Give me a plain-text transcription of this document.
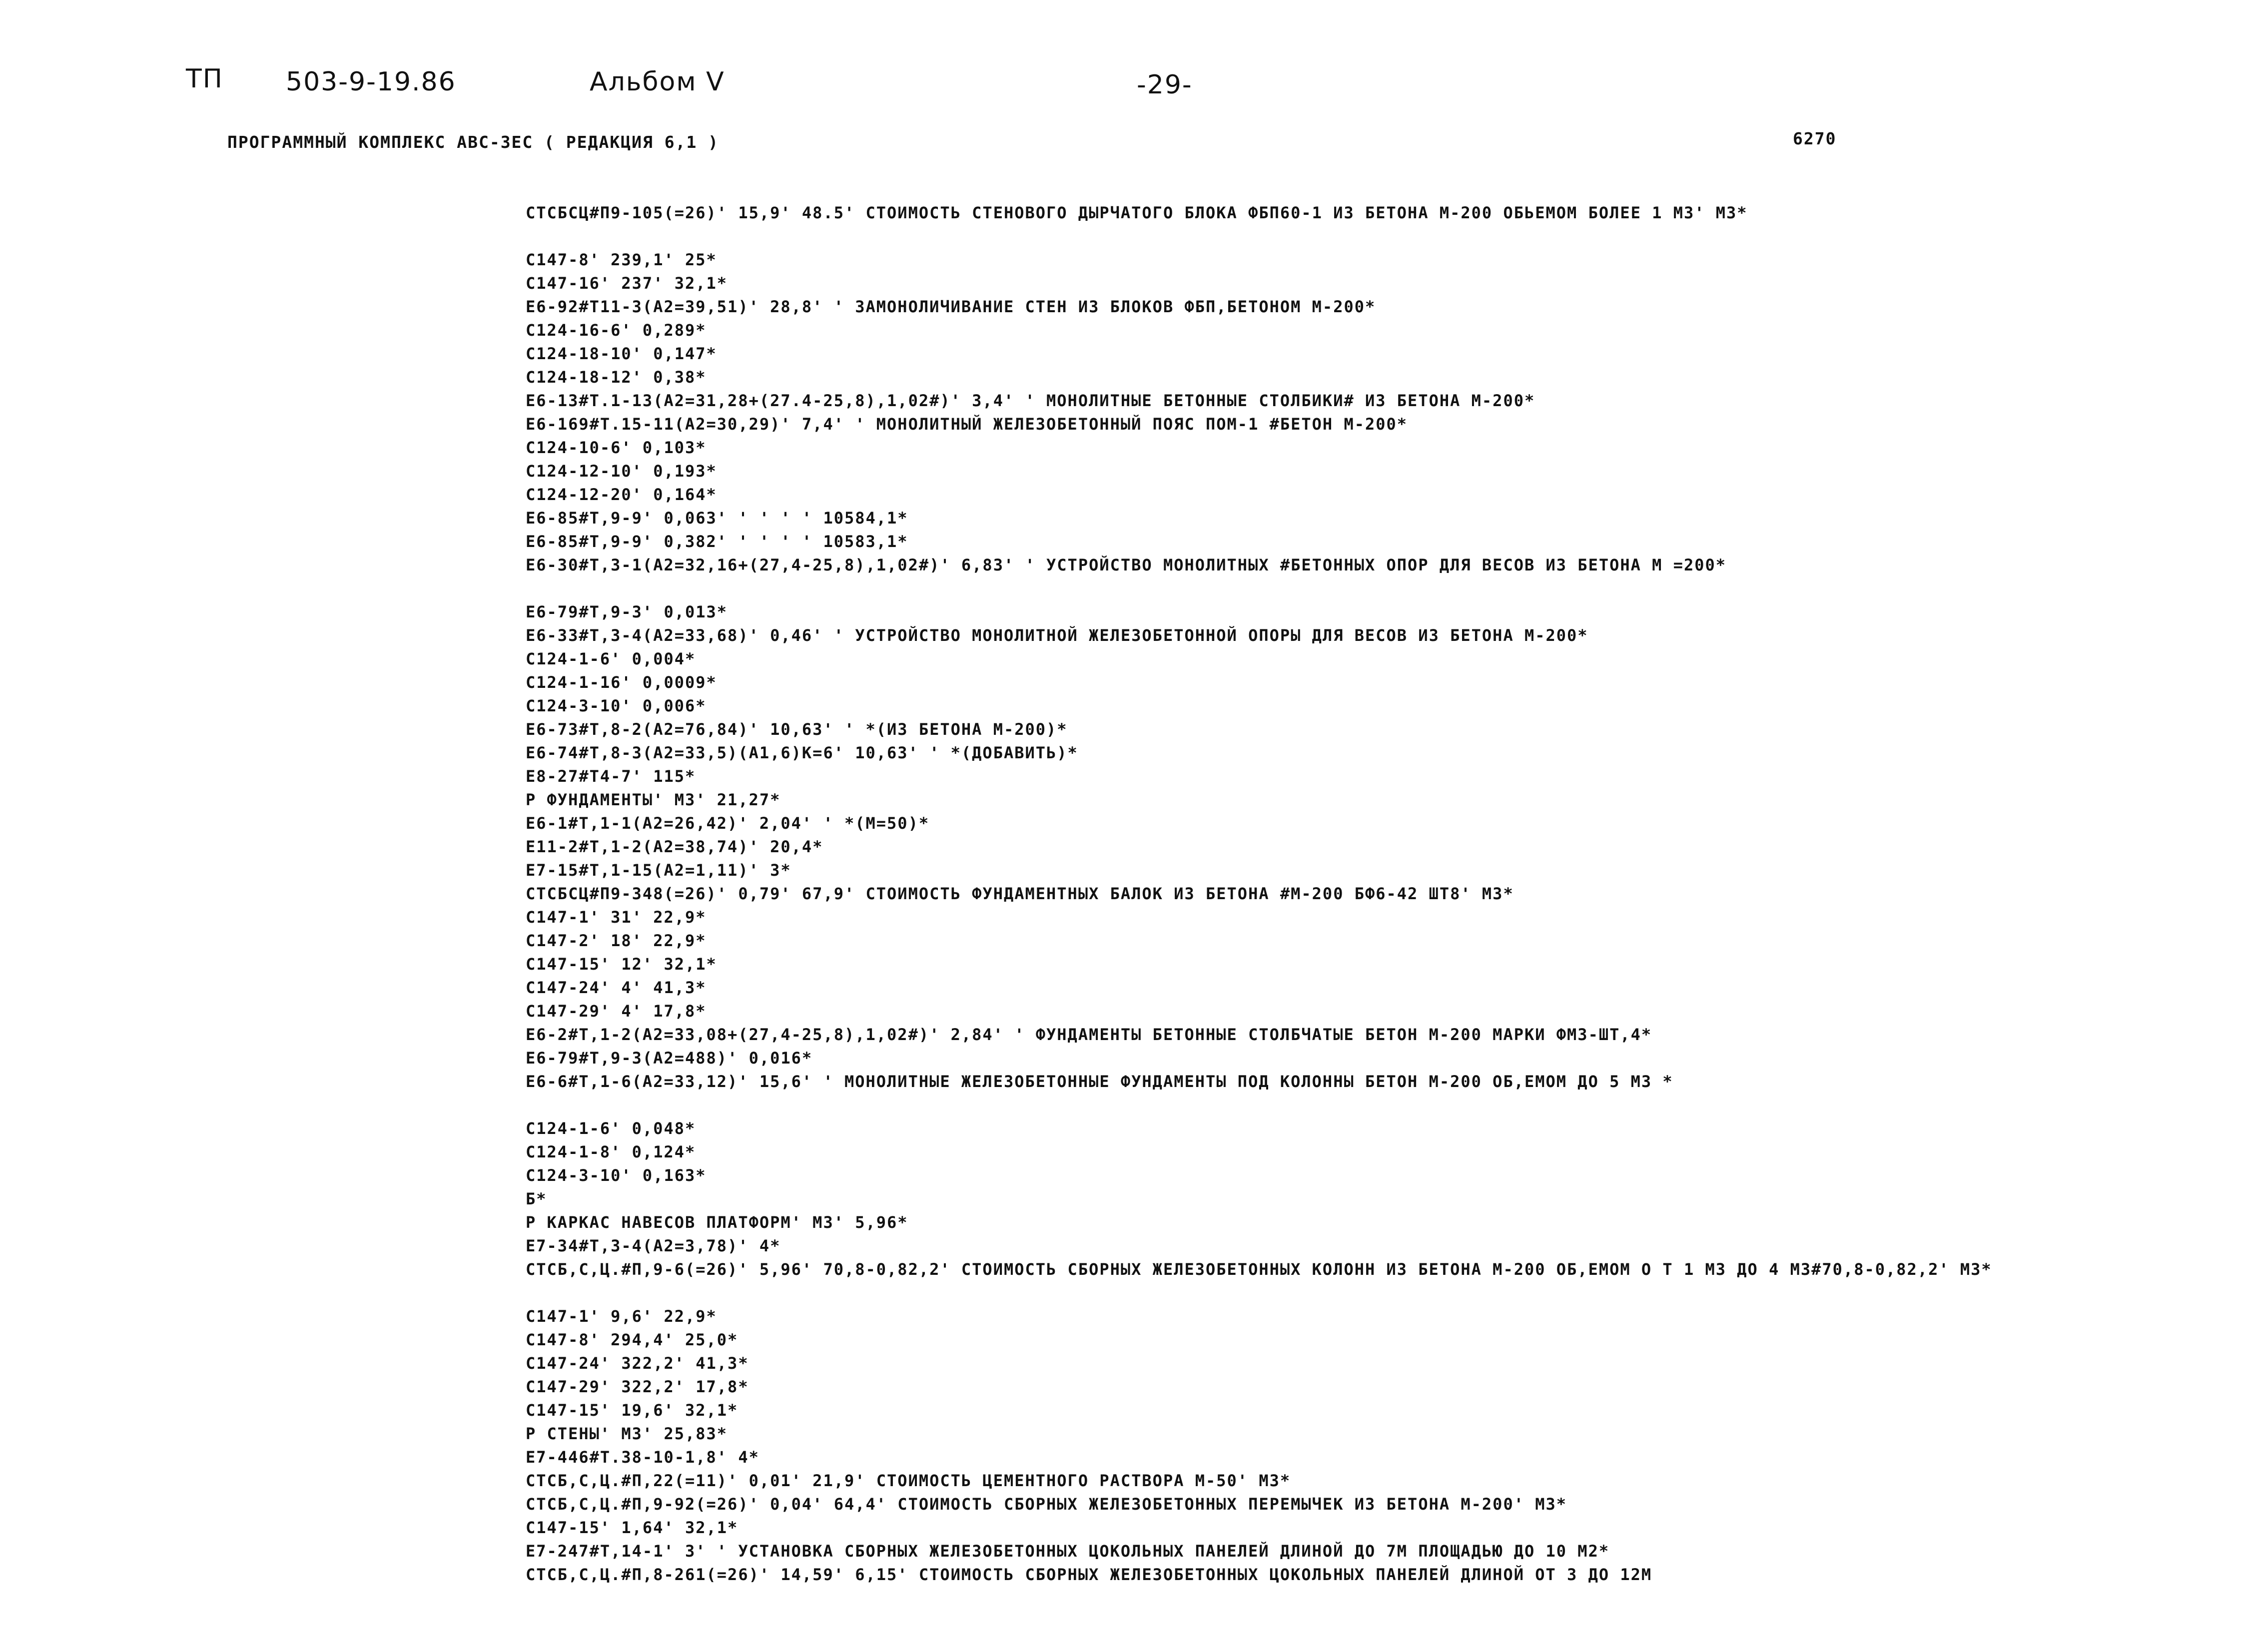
ТП 503-9-19.86	Альбом V	-29-
ПРОГРАММНЫЙ КОМПЛЕКС АВС-ЗЕС ( РЕДАКЦИЯ 6,1 )	6270
СТСБСЦ#П9-105(=26)' 15,9' 48.5' СТОИМОСТЬ СТЕНОВОГО ДЫРЧАТОГО БЛОКА ФБП60-1 ИЗ БЕТОНА М-200 ОБЬЕМОМ БОЛЕЕ 1 М3' М3*
С147-8' 239,1' 25*
С147-16' 237' 32,1*
Е6-92#Т11-3(А2=39,51)' 28,8' ' ЗАМОНОЛИЧИВАНИЕ СТЕН ИЗ БЛОКОВ ФБП,БЕТОНОМ М-200*
С124-16-6' 0,289*
С124-18-10' 0,147*
С124-18-12' 0,38*
Е6-13#Т.1-13(А2=31,28+(27.4-25,8),1,02#)' 3,4' ' МОНОЛИТНЫЕ БЕТОННЫЕ СТОЛБИКИ# ИЗ БЕТОНА М-200*
Е6-169#Т.15-11(А2=30,29)' 7,4' ' МОНОЛИТНЫЙ ЖЕЛЕЗОБЕТОННЫЙ ПОЯС ПОМ-1 #БЕТОН М-200*
С124-10-6' 0,103*
С124-12-10' 0,193*
С124-12-20' 0,164*
Е6-85#Т,9-9' 0,063' ' ' ' ' 10584,1*
Е6-85#Т,9-9' 0,382' ' ' ' ' 10583,1*
Е6-30#Т,3-1(А2=32,16+(27,4-25,8),1,02#)' 6,83' ' УСТРОЙСТВО МОНОЛИТНЫХ #БЕТОННЫХ ОПОР ДЛЯ ВЕСОВ ИЗ БЕТОНА М =200*
Е6-79#Т,9-3' 0,013*
Е6-33#Т,3-4(А2=33,68)' 0,46' ' УСТРОЙСТВО МОНОЛИТНОЙ ЖЕЛЕЗОБЕТОННОЙ ОПОРЫ ДЛЯ ВЕСОВ ИЗ БЕТОНА М-200*
С124-1-6' 0,004*
С124-1-16' 0,0009*
С124-3-10' 0,006*
Е6-73#Т,8-2(А2=76,84)' 10,63' ' *(ИЗ БЕТОНА М-200)*
Е6-74#Т,8-3(А2=33,5)(А1,6)К=6' 10,63' ' *(ДОБАВИТЬ)*
Е8-27#Т4-7' 115*
Р ФУНДАМЕНТЫ' М3' 21,27*
Е6-1#Т,1-1(А2=26,42)' 2,04' ' *(М=50)*
Е11-2#Т,1-2(А2=38,74)' 20,4*
Е7-15#Т,1-15(А2=1,11)' 3*
СТСБСЦ#П9-348(=26)' 0,79' 67,9' СТОИМОСТЬ ФУНДАМЕНТНЫХ БАЛОК ИЗ БЕТОНА #М-200 БФ6-42 ШТ8' М3*
С147-1' 31' 22,9*
С147-2' 18' 22,9*
С147-15' 12' 32,1*
С147-24' 4' 41,3*
С147-29' 4' 17,8*
Е6-2#Т,1-2(А2=33,08+(27,4-25,8),1,02#)' 2,84' ' ФУНДАМЕНТЫ БЕТОННЫЕ СТОЛБЧАТЫЕ БЕТОН М-200 МАРКИ ФМ3-ШТ,4*
Е6-79#Т,9-3(А2=488)' 0,016*
Е6-6#Т,1-6(А2=33,12)' 15,6' ' МОНОЛИТНЫЕ ЖЕЛЕЗОБЕТОННЫЕ ФУНДАМЕНТЫ ПОД КОЛОННЫ БЕТОН М-200 ОБ,ЕМОМ ДО 5 М3 *
С124-1-6' 0,048*
С124-1-8' 0,124*
С124-3-10' 0,163*
Б*
Р КАРКАС НАВЕСОВ ПЛАТФОРМ' М3' 5,96*
Е7-34#Т,3-4(А2=3,78)' 4*
СТСБ,С,Ц.#П,9-6(=26)' 5,96' 70,8-0,82,2' СТОИМОСТЬ СБОРНЫХ ЖЕЛЕЗОБЕТОННЫХ КОЛОНН ИЗ БЕТОНА М-200 ОБ,ЕМОМ О Т 1 М3 ДО 4 М3#70,8-0,82,2' М3*
С147-1' 9,6' 22,9*
С147-8' 294,4' 25,0*
С147-24' 322,2' 41,3*
С147-29' 322,2' 17,8*
С147-15' 19,6' 32,1*
Р СТЕНЫ' М3' 25,83*
Е7-446#Т.38-10-1,8' 4*
СТСБ,С,Ц.#П,22(=11)' 0,01' 21,9' СТОИМОСТЬ ЦЕМЕНТНОГО РАСТВОРА М-50' М3*
СТСБ,С,Ц.#П,9-92(=26)' 0,04' 64,4' СТОИМОСТЬ СБОРНЫХ ЖЕЛЕЗОБЕТОННЫХ ПЕРЕМЫЧЕК ИЗ БЕТОНА М-200' М3*
С147-15' 1,64' 32,1*
Е7-247#Т,14-1' 3' ' УСТАНОВКА СБОРНЫХ ЖЕЛЕЗОБЕТОННЫХ ЦОКОЛЬНЫХ ПАНЕЛЕЙ ДЛИНОЙ ДО 7М ПЛОЩАДЬЮ ДО 10 М2*
СТСБ,С,Ц.#П,8-261(=26)' 14,59' 6,15' СТОИМОСТЬ СБОРНЫХ ЖЕЛЕЗОБЕТОННЫХ ЦОКОЛЬНЫХ ПАНЕЛЕЙ ДЛИНОЙ ОТ 3 ДО 12М
